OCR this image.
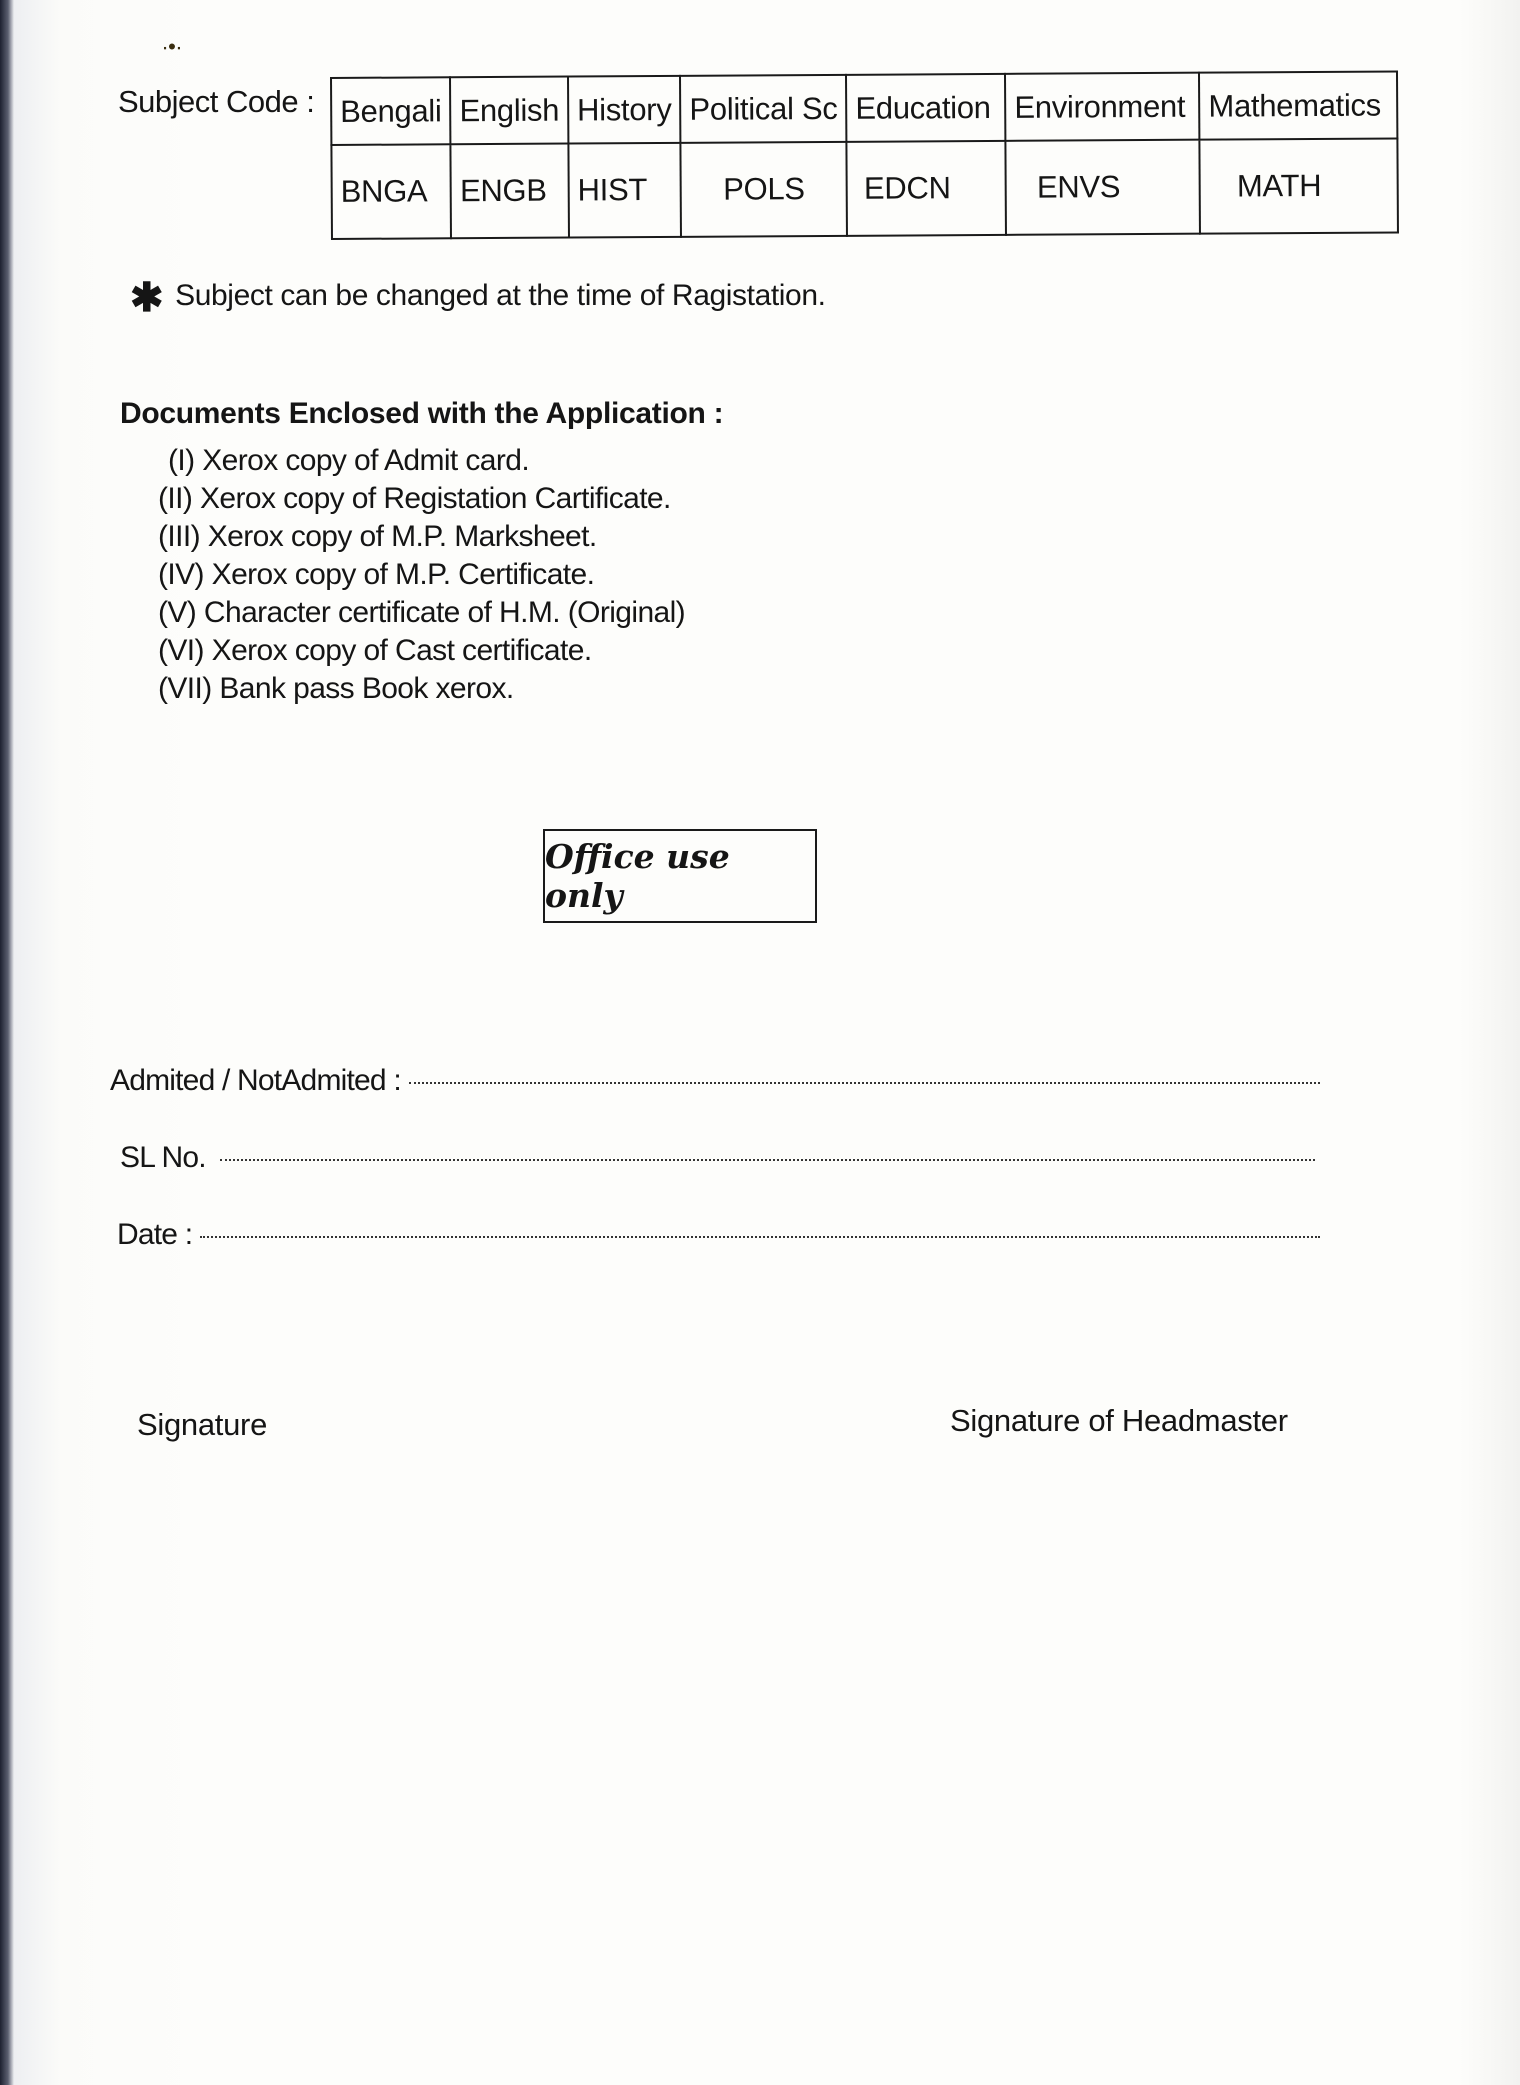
∙•∙
Subject Code : Bengali	English	History	Political Sc	Education	Environment	Mathematics
BNGA	ENGB	HIST	POLS	EDCN	ENVS	MATH
✱ Subject can be changed at the time of Ragistation.
Documents Enclosed with the Application :
(I) Xerox copy of Admit card.
(II) Xerox copy of Registation Cartificate.
(III) Xerox copy of M.P. Marksheet.
(IV) Xerox copy of M.P. Certificate.
(V) Character certificate of H.M. (Original)
(VI) Xerox copy of Cast certificate.
(VII) Bank pass Book xerox.
Office use only
Admited / NotAdmited :
SL No.
Date :
Signature	Signature of Headmaster
